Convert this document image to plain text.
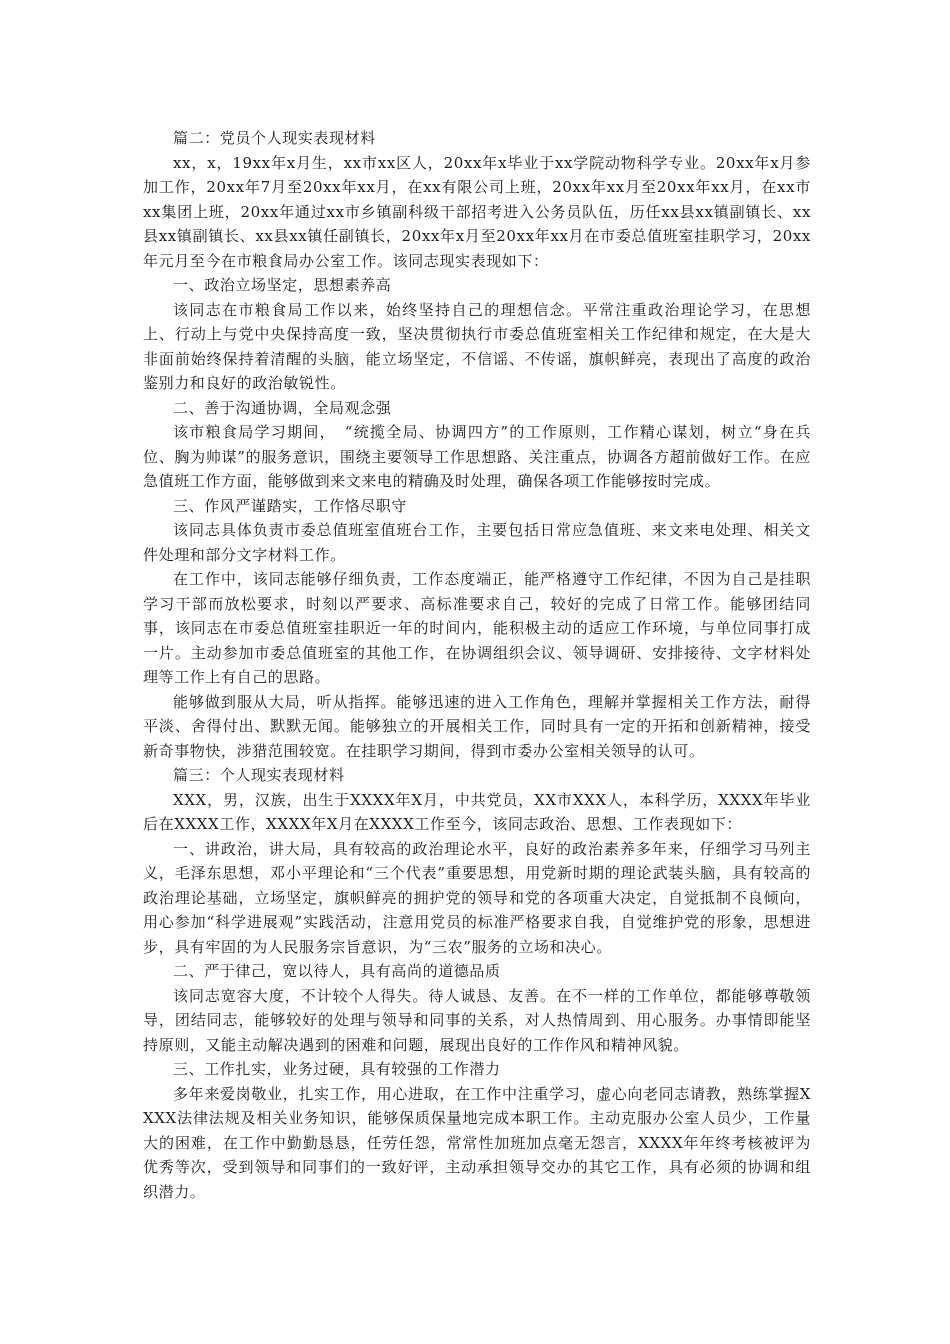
篇二：党员个人现实表现材料

xx，x，19xx年x月生，xx市xx区人，20xx年x毕业于xx学院动物科学专业。20xx年x月参加工作，20xx年7月至20xx年xx月，在xx有限公司上班，20xx年xx月至20xx年xx月，在xx市xx集团上班，20xx年通过xx市乡镇副科级干部招考进入公务员队伍，历任xx县xx镇副镇长、xx县xx镇副镇长、xx县xx镇任副镇长，20xx年x月至20xx年xx月在市委总值班室挂职学习，20xx年元月至今在市粮食局办公室工作。该同志现实表现如下：

一、政治立场坚定，思想素养高

该同志在市粮食局工作以来，始终坚持自己的理想信念。平常注重政治理论学习，在思想上、行动上与党中央保持高度一致，坚决贯彻执行市委总值班室相关工作纪律和规定，在大是大非面前始终保持着清醒的头脑，能立场坚定，不信谣、不传谣，旗帜鲜亮，表现出了高度的政治鉴别力和良好的政治敏锐性。

二、善于沟通协调，全局观念强

该市粮食局学习期间，　“统揽全局、协调四方”的工作原则，工作精心谋划，树立“身在兵位、胸为帅谋”的服务意识，围绕主要领导工作思想路、关注重点，协调各方超前做好工作。在应急值班工作方面，能够做到来文来电的精确及时处理，确保各项工作能够按时完成。

三、作风严谨踏实，工作恪尽职守

该同志具体负责市委总值班室值班台工作，主要包括日常应急值班、来文来电处理、相关文件处理和部分文字材料工作。

在工作中，该同志能够仔细负责，工作态度端正，能严格遵守工作纪律，不因为自己是挂职学习干部而放松要求，时刻以严要求、高标准要求自己，较好的完成了日常工作。能够团结同事，该同志在市委总值班室挂职近一年的时间内，能积极主动的适应工作环境，与单位同事打成一片。主动参加市委总值班室的其他工作，在协调组织会议、领导调研、安排接待、文字材料处理等工作上有自己的思路。

能够做到服从大局，听从指挥。能够迅速的进入工作角色，理解并掌握相关工作方法，耐得平淡、舍得付出、默默无闻。能够独立的开展相关工作，同时具有一定的开拓和创新精神，接受新奇事物快，涉猎范围较宽。在挂职学习期间，得到市委办公室相关领导的认可。

篇三：个人现实表现材料

XXX，男，汉族，出生于XXXX年X月，中共党员，XX市XXX人，本科学历，XXXX年毕业后在XXXX工作，XXXX年X月在XXXX工作至今，该同志政治、思想、工作表现如下：

一、讲政治，讲大局，具有较高的政治理论水平，良好的政治素养多年来，仔细学习马列主义，毛泽东思想，邓小平理论和“三个代表”重要思想，用党新时期的理论武装头脑，具有较高的政治理论基础，立场坚定，旗帜鲜亮的拥护党的领导和党的各项重大决定，自觉抵制不良倾向，用心参加“科学进展观”实践活动，注意用党员的标准严格要求自我，自觉维护党的形象，思想进步，具有牢固的为人民服务宗旨意识，为“三农”服务的立场和决心。

二、严于律己，宽以待人，具有高尚的道德品质

该同志宽容大度，不计较个人得失。待人诚恳、友善。在不一样的工作单位，都能够尊敬领导，团结同志，能够较好的处理与领导和同事的关系，对人热情周到、用心服务。办事情即能坚持原则，又能主动解决遇到的困难和问题，展现出良好的工作作风和精神风貌。

三、工作扎实，业务过硬，具有较强的工作潜力

多年来爱岗敬业，扎实工作，用心进取，在工作中注重学习，虚心向老同志请教，熟练掌握XXXX法律法规及相关业务知识，能够保质保量地完成本职工作。主动克服办公室人员少，工作量大的困难，在工作中勤勤恳恳，任劳任怨，常常性加班加点毫无怨言，XXXX年年终考核被评为优秀等次，受到领导和同事们的一致好评，主动承担领导交办的其它工作，具有必须的协调和组织潜力。
